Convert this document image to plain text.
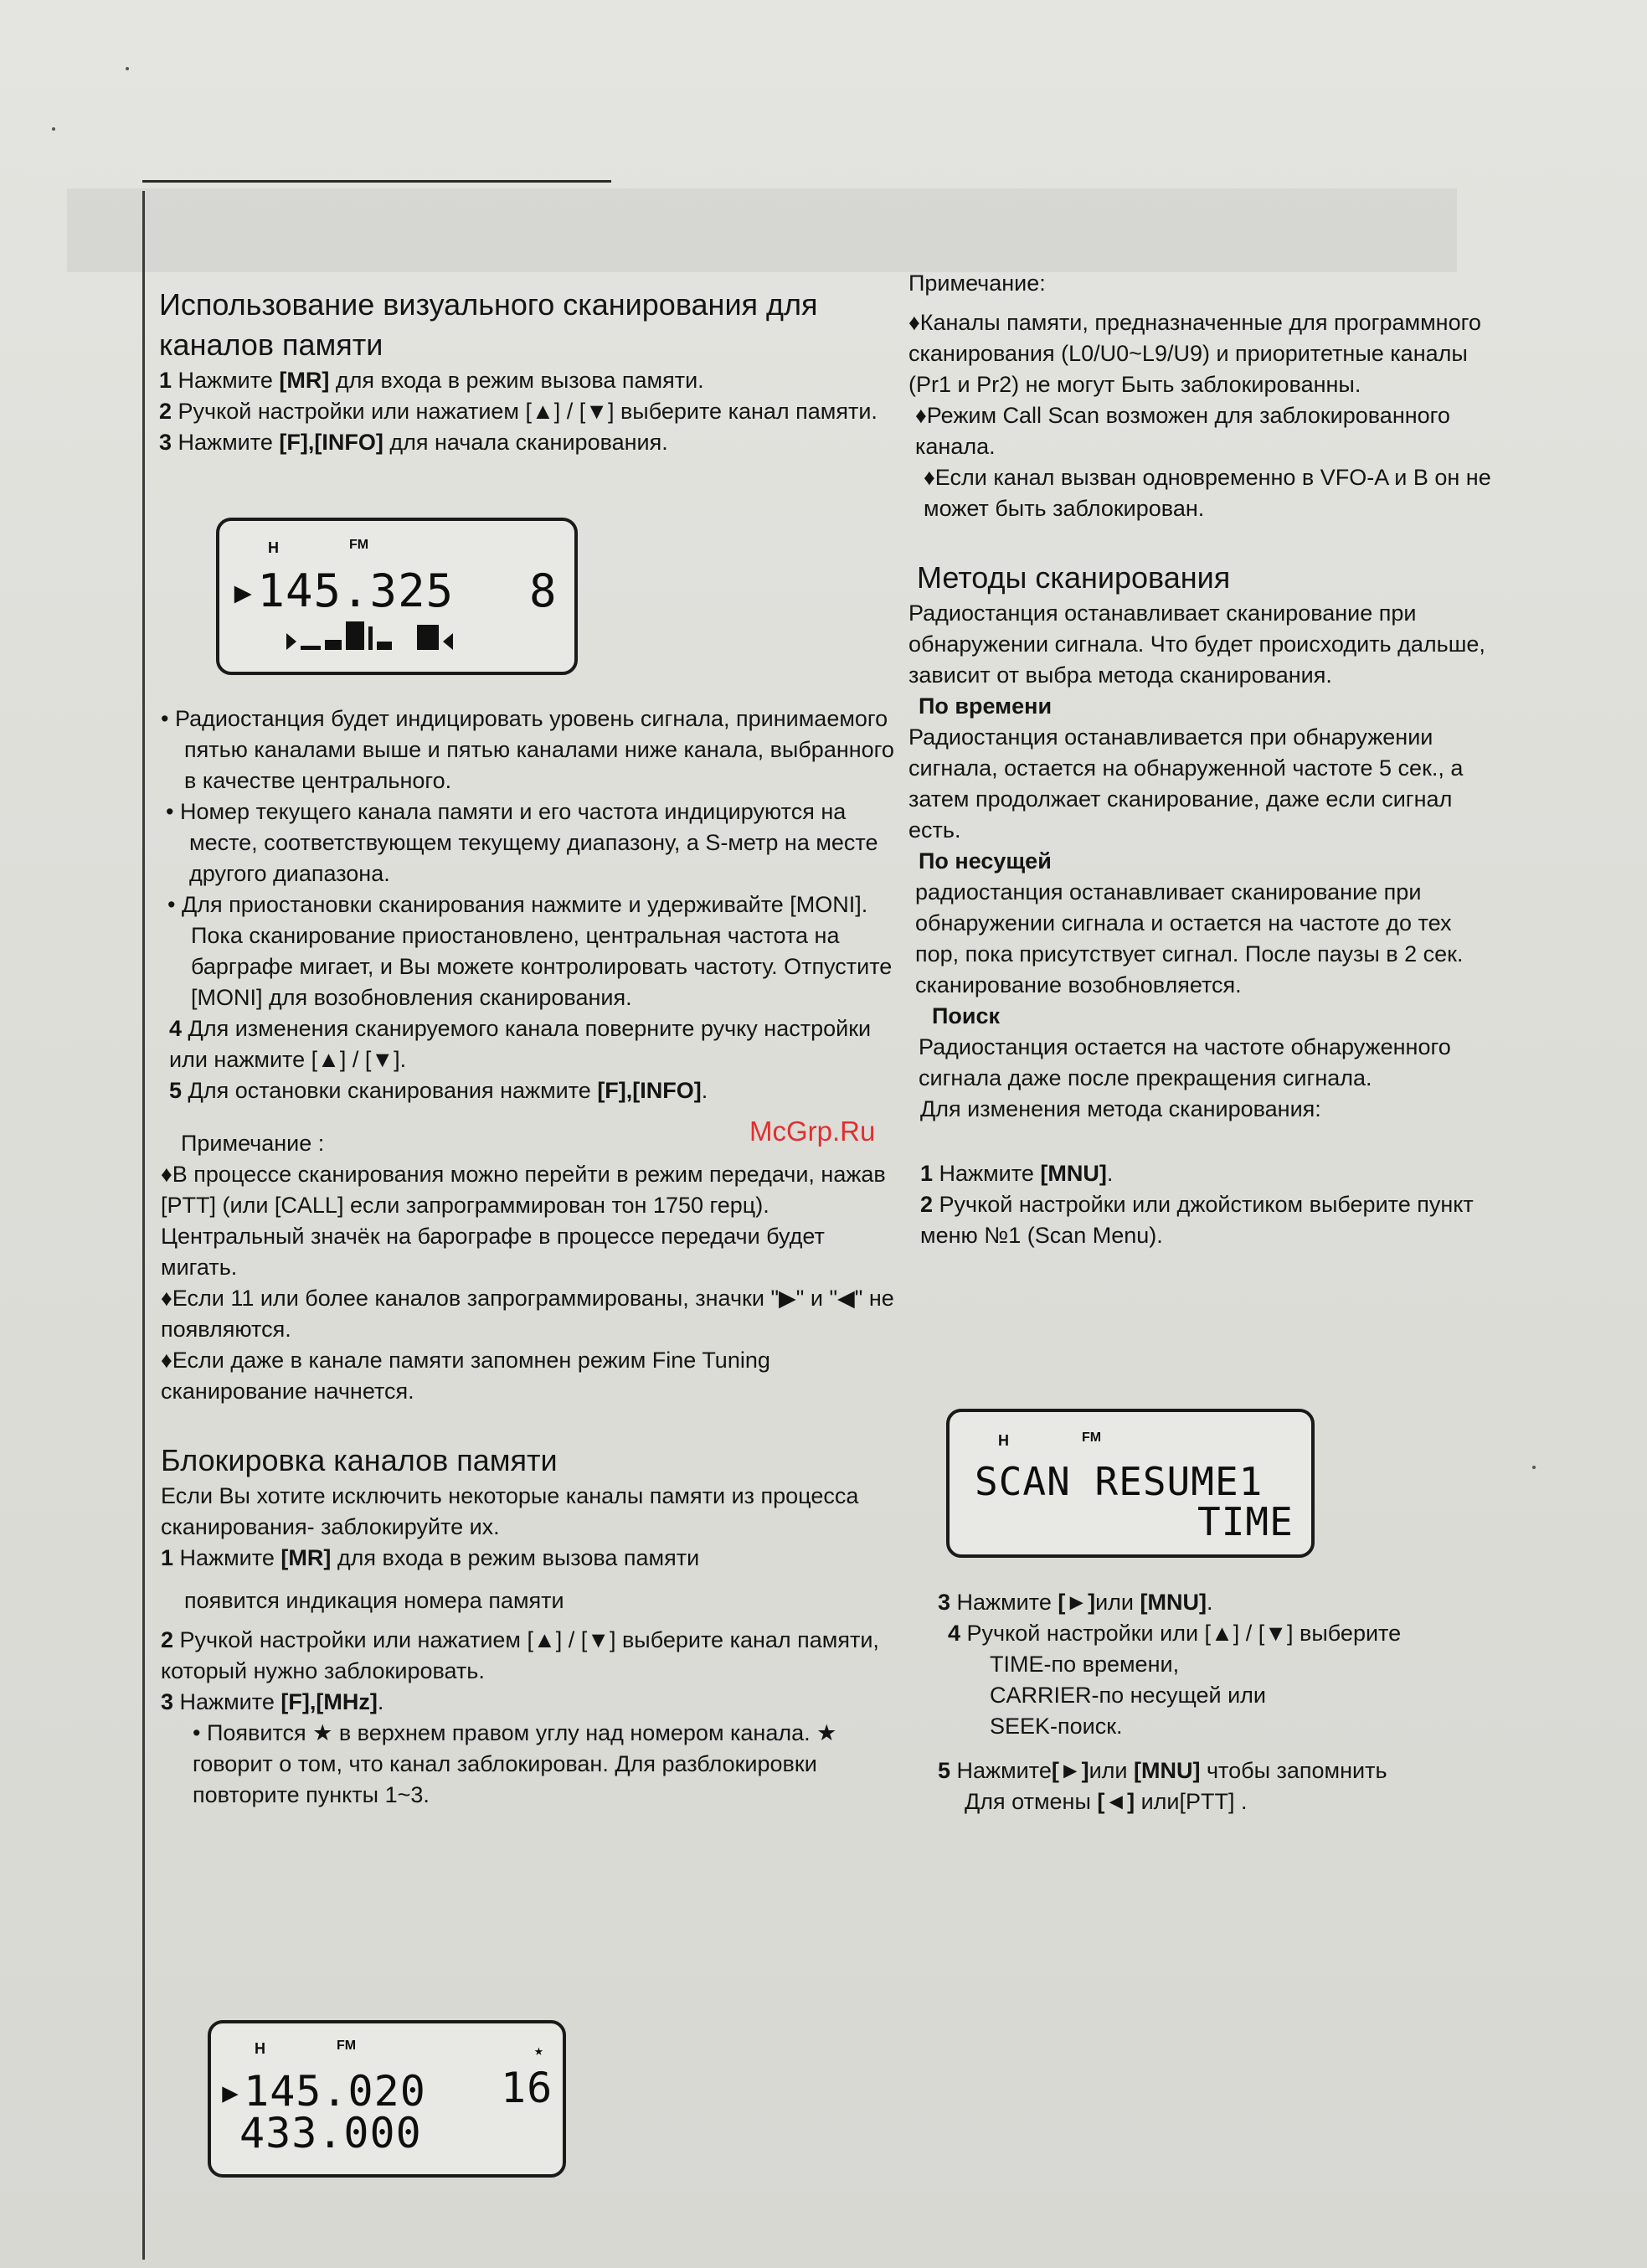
Использование визуального сканирования для каналов памяти

1 Нажмите [MR] для входа в режим вызова памяти.

2 Ручкой настройки или нажатием [▲] / [▼] выберите канал памяти.

3 Нажмите [F],[INFO] для начала сканирования.

H	FM
▸145.325 8

• Радиостанция будет индицировать уровень сигнала, принимаемого пятью каналами выше и пятью каналами ниже канала, выбранного в качестве центрального.

• Номер текущего канала памяти и его частота индицируются на месте, соответствующем текущему диапазону, а S-метр на месте другого диапазона.

• Для приостановки сканирования нажмите и удерживайте [MONI]. Пока сканирование приостановлено, центральная частота на барграфе мигает, и Вы можете контролировать частоту. Отпустите [MONI] для возобновления сканирования.

4 Для изменения сканируемого канала поверните ручку настройки или нажмите [▲] / [▼].

5 Для остановки сканирования нажмите [F],[INFO].

Примечание :

♦В процессе сканирования можно перейти в режим передачи, нажав [PTT] (или [CALL] если запрограммирован тон 1750 герц). Центральный значёк на барографе в процессе передачи будет мигать.

♦Если 11 или более каналов запрограммированы, значки "▶" и "◀" не появляются.

♦Если даже в канале памяти запомнен режим Fine Tuning сканирование начнется.

Блокировка каналов памяти

Если Вы хотите исключить некоторые каналы памяти из процесса сканирования- заблокируйте их.

1 Нажмите [MR] для входа в режим вызова памяти

появится индикация номера памяти

2 Ручкой настройки или нажатием [▲] / [▼] выберите канал памяти, который нужно заблокировать.

3 Нажмите [F],[MHz].

• Появится ★ в верхнем правом углу над номером канала. ★ говорит о том, что канал заблокирован. Для разблокировки повторите пункты 1~3.

H	FM	★
▸145.020 16
433.000

Примечание:

♦Каналы памяти, предназначенные для программного сканирования (L0/U0~L9/U9) и приоритетные каналы (Pr1 и Pr2) не могут Быть заблокированны.

♦Режим Call Scan возможен для заблокированного канала.

♦Если канал вызван одновременно в VFO-A и B он не может быть заблокирован.

Методы сканирования

Радиостанция останавливает сканирование при обнаружении сигнала. Что будет происходить дальше, зависит от выбра метода сканирования.

По времени

Радиостанция останавливается при обнаружении сигнала, остается на обнаруженной частоте 5 сек., а затем продолжает сканирование, даже если сигнал есть.

По несущей

радиостанция останавливает сканирование при обнаружении сигнала и остается на частоте до тех пор, пока присутствует сигнал. После паузы в 2 сек. сканирование возобновляется.

Поиск

Радиостанция остается на частоте обнаруженного сигнала даже после прекращения сигнала.

Для изменения метода сканирования:

1 Нажмите [MNU].

2 Ручкой настройки или джойстиком выберите пункт меню №1 (Scan Menu).

H	FM
SCAN RESUME1
TIME

3 Нажмите [►]или [MNU].

4 Ручкой настройки или [▲] / [▼] выберите

TIME-по времени,

CARRIER-по несущей или

SEEK-поиск.

5 Нажмите[►]или [MNU] чтобы запомнить

Для отмены [◄] или[PTT] .

McGrp.Ru
